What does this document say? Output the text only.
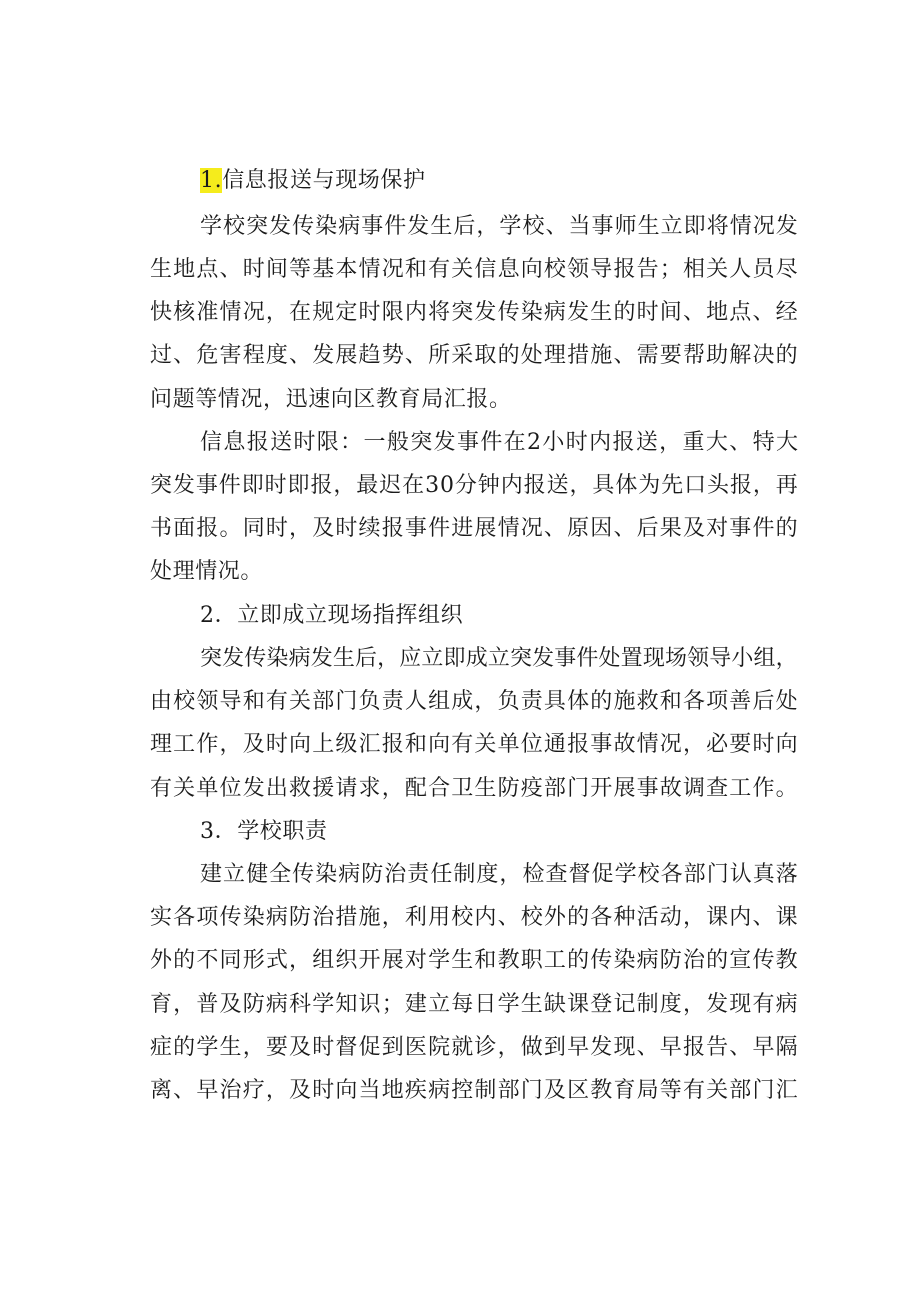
1.信息报送与现场保护
学 校 突 发 传 染 病 事 件 发 生 后 ， 学 校 、 当 事 师 生 立 即 将 情 况 发
生 地 点 、 时 间 等 基 本 情 况 和 有 关 信 息 向 校 领 导 报 告 ； 相 关 人 员 尽
快 核 准 情 况 ， 在 规 定 时 限 内 将 突 发 传 染 病 发 生 的 时 间 、 地 点 、 经
过 、 危 害 程 度 、 发 展 趋 势 、 所 采 取 的 处 理 措 施 、 需 要 帮 助 解 决 的
问题等情况，迅速向区教育局汇报。
信 息 报 送 时 限 ： 一 般 突 发 事 件 在 2 小 时 内 报 送 ， 重 大 、 特 大
突 发 事 件 即 时 即 报 ， 最 迟 在 3 0 分 钟 内 报 送 ， 具 体 为 先 口 头 报 ， 再
书 面 报 。 同 时 ， 及 时 续 报 事 件 进 展 情 况 、 原 因 、 后 果 及 对 事 件 的
处理情况。
2．立即成立现场指挥组织
突 发 传 染 病 发 生 后 ， 应 立 即 成 立 突 发 事 件 处 置 现 场 领 导 小 组 ，
由 校 领 导 和 有 关 部 门 负 责 人 组 成 ， 负 责 具 体 的 施 救 和 各 项 善 后 处
理 工 作 ， 及 时 向 上 级 汇 报 和 向 有 关 单 位 通 报 事 故 情 况 ， 必 要 时 向
有 关 单 位 发 出 救 援 请 求 ， 配 合 卫 生 防 疫 部 门 开 展 事 故 调 查 工 作 。
3．学校职责
建 立 健 全 传 染 病 防 治 责 任 制 度 ， 检 查 督 促 学 校 各 部 门 认 真 落
实 各 项 传 染 病 防 治 措 施 ， 利 用 校 内 、 校 外 的 各 种 活 动 ， 课 内 、 课
外 的 不 同 形 式 ， 组 织 开 展 对 学 生 和 教 职 工 的 传 染 病 防 治 的 宣 传 教
育 ， 普 及 防 病 科 学 知 识 ； 建 立 每 日 学 生 缺 课 登 记 制 度 ， 发 现 有 病
症 的 学 生 ， 要 及 时 督 促 到 医 院 就 诊 ， 做 到 早 发 现 、 早 报 告 、 早 隔
离 、 早 治 疗 ， 及 时 向 当 地 疾 病 控 制 部 门 及 区 教 育 局 等 有 关 部 门 汇
